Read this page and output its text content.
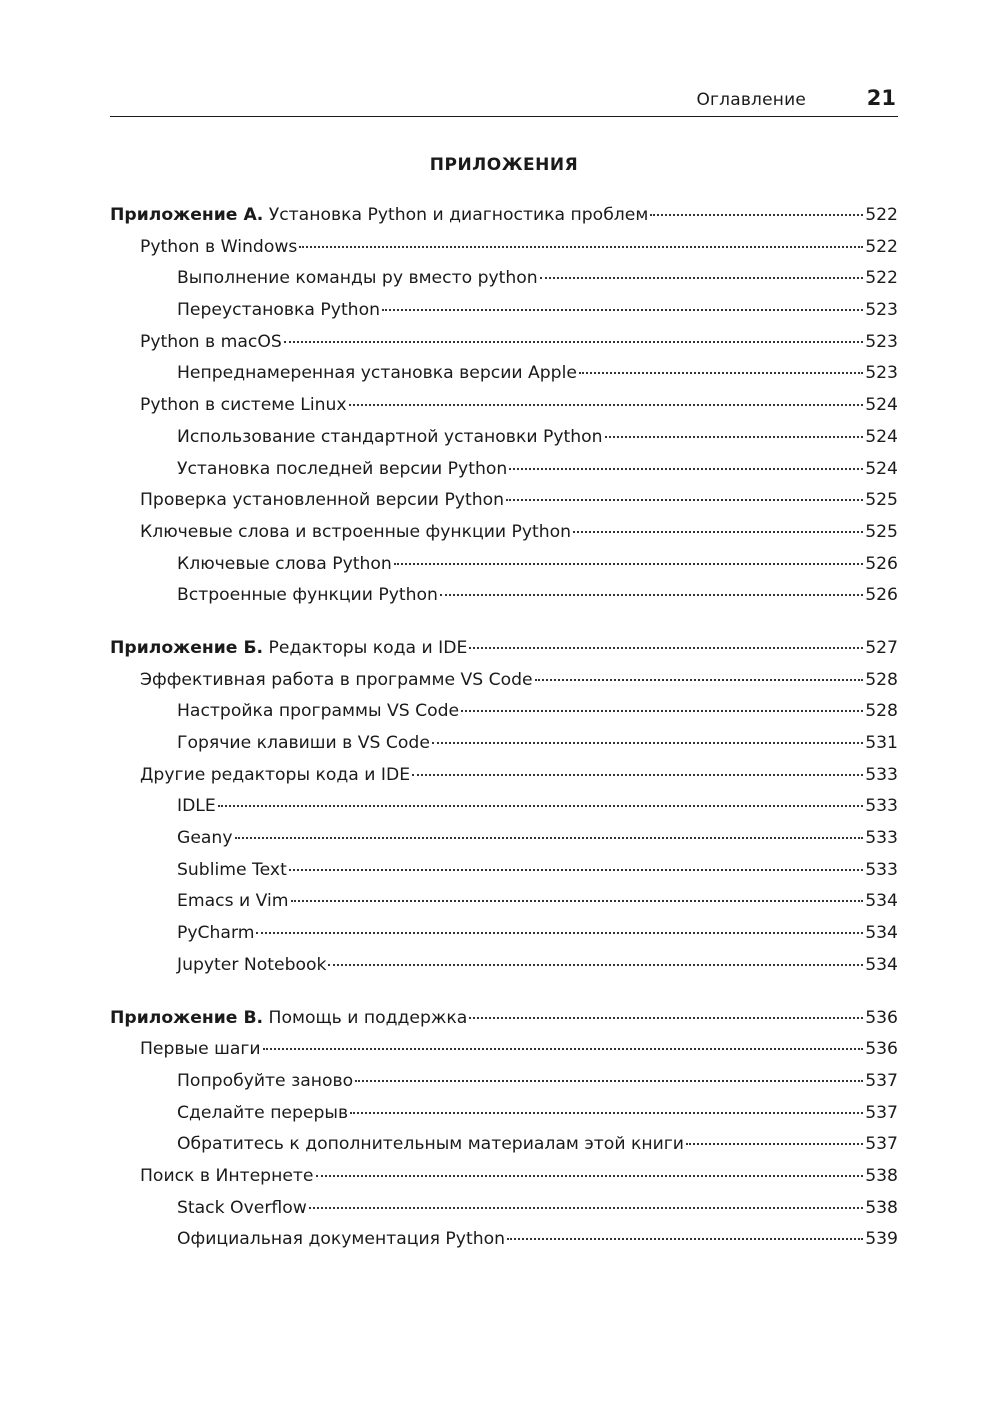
Оглавление	21
ПРИЛОЖЕНИЯ
Приложение А. Установка Python и диагностика проблем	522
Python в Windows	522
Выполнение команды py вместо python	522
Переустановка Python	523
Python в macOS	523
Непреднамеренная установка версии Apple	523
Python в системе Linux	524
Использование стандартной установки Python	524
Установка последней версии Python	524
Проверка установленной версии Python	525
Ключевые слова и встроенные функции Python	525
Ключевые слова Python	526
Встроенные функции Python	526
Приложение Б. Редакторы кода и IDE	527
Эффективная работа в программе VS Code	528
Настройка программы VS Code	528
Горячие клавиши в VS Code	531
Другие редакторы кода и IDE	533
IDLE	533
Geany	533
Sublime Text	533
Emacs и Vim	534
PyCharm	534
Jupyter Notebook	534
Приложение В. Помощь и поддержка	536
Первые шаги	536
Попробуйте заново	537
Сделайте перерыв	537
Обратитесь к дополнительным материалам этой книги	537
Поиск в Интернете	538
Stack Overflow	538
Официальная документация Python	539
